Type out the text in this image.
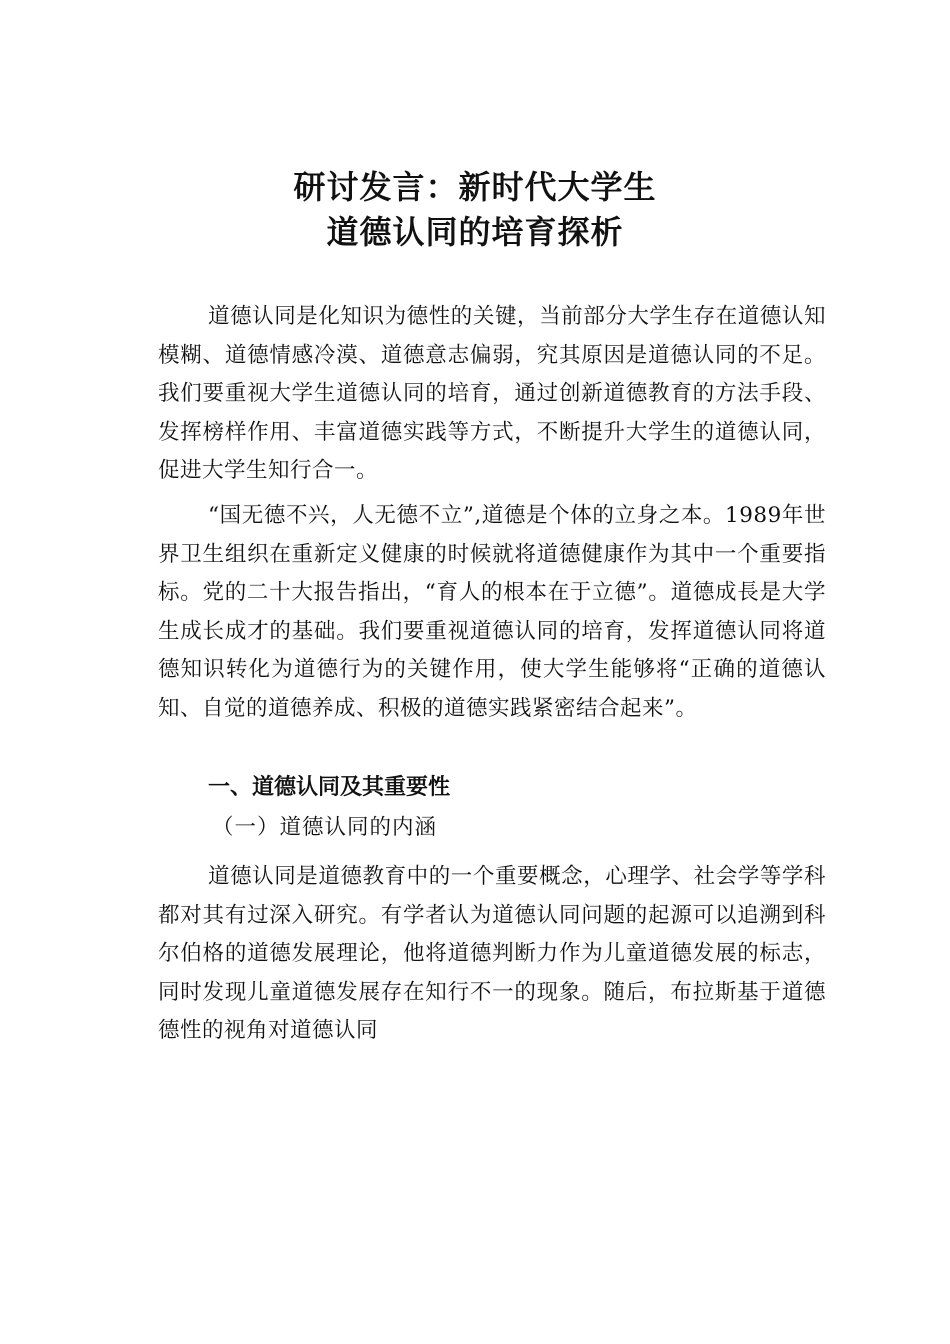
研讨发言：新时代大学生
道德认同的培育探析
道德认同是化知识为德性的关键，当前部分大学生存在道德认知模糊、道德情感冷漠、道德意志偏弱，究其原因是道德认同的不足。我们要重视大学生道德认同的培育，通过创新道德教育的方法手段、发挥榜样作用、丰富道德实践等方式，不断提升大学生的道德认同，促进大学生知行合一。
“国无德不兴，人无德不立”,道德是个体的立身之本。1989年世界卫生组织在重新定义健康的时候就将道德健康作为其中一个重要指标。党的二十大报告指出，“育人的根本在于立德”。道德成長是大学生成长成才的基础。我们要重视道德认同的培育，发挥道德认同将道德知识转化为道德行为的关键作用，使大学生能够将“正确的道德认知、自觉的道德养成、积极的道德实践紧密结合起来”。
一、道德认同及其重要性
（一）道德认同的内涵
道德认同是道德教育中的一个重要概念，心理学、社会学等学科都对其有过深入研究。有学者认为道德认同问题的起源可以追溯到科尔伯格的道德发展理论，他将道德判断力作为儿童道德发展的标志，同时发现儿童道德发展存在知行不一的现象。随后，布拉斯基于道德德性的视角对道德认同
